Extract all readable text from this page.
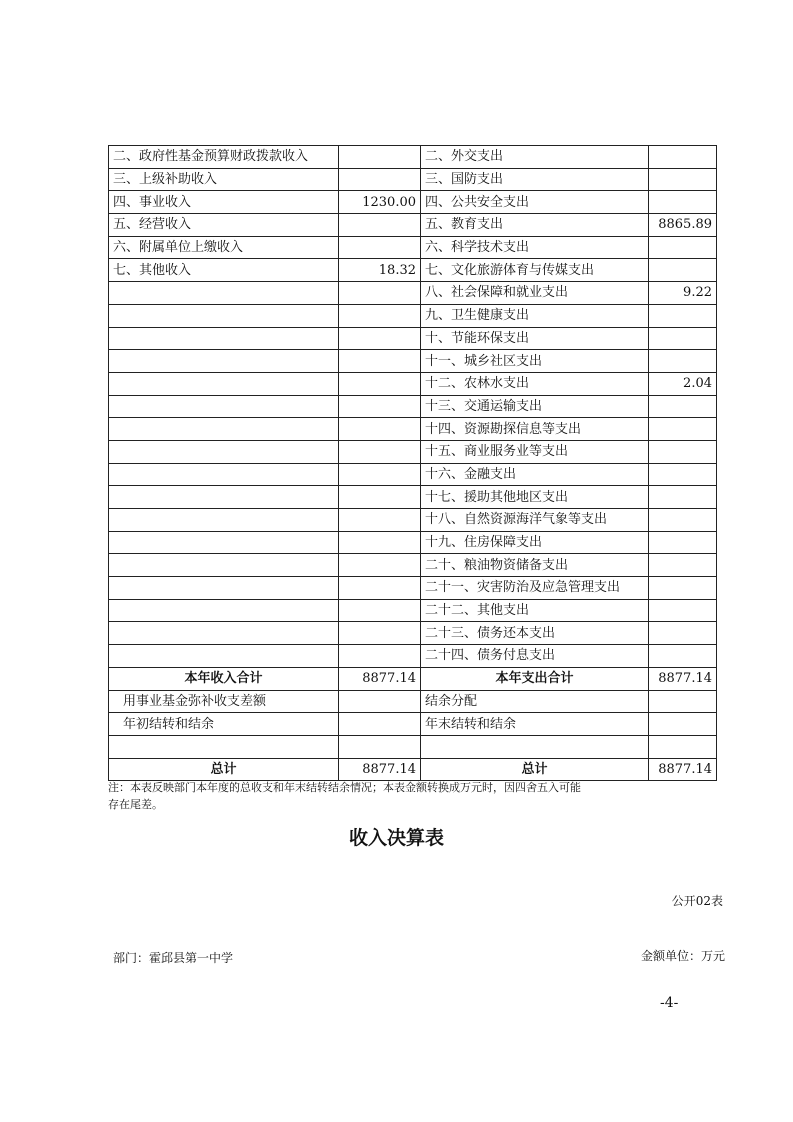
二、政府性基金预算财政拨款收入		二、外交支出	
三、上级补助收入		三、国防支出	
四、事业收入	1230.00	四、公共安全支出	
五、经营收入		五、教育支出	8865.89
六、附属单位上缴收入		六、科学技术支出	
七、其他收入	18.32	七、文化旅游体育与传媒支出	
		八、社会保障和就业支出	9.22
		九、卫生健康支出	
		十、节能环保支出	
		十一、城乡社区支出	
		十二、农林水支出	2.04
		十三、交通运输支出	
		十四、资源勘探信息等支出	
		十五、商业服务业等支出	
		十六、金融支出	
		十七、援助其他地区支出	
		十八、自然资源海洋气象等支出	
		十九、住房保障支出	
		二十、粮油物资储备支出	
		二十一、灾害防治及应急管理支出	
		二十二、其他支出	
		二十三、债务还本支出	
		二十四、债务付息支出	
本年收入合计	8877.14	本年支出合计	8877.14
用事业基金弥补收支差额		结余分配	
年初结转和结余		年末结转和结余	

总计	8877.14	总计	8877.14
注：本表反映部门本年度的总收支和年末结转结余情况；本表金额转换成万元时，因四舍五入可能
存在尾差。
收入决算表
公开02表
部门：霍邱县第一中学	金额单位：万元
-4-
